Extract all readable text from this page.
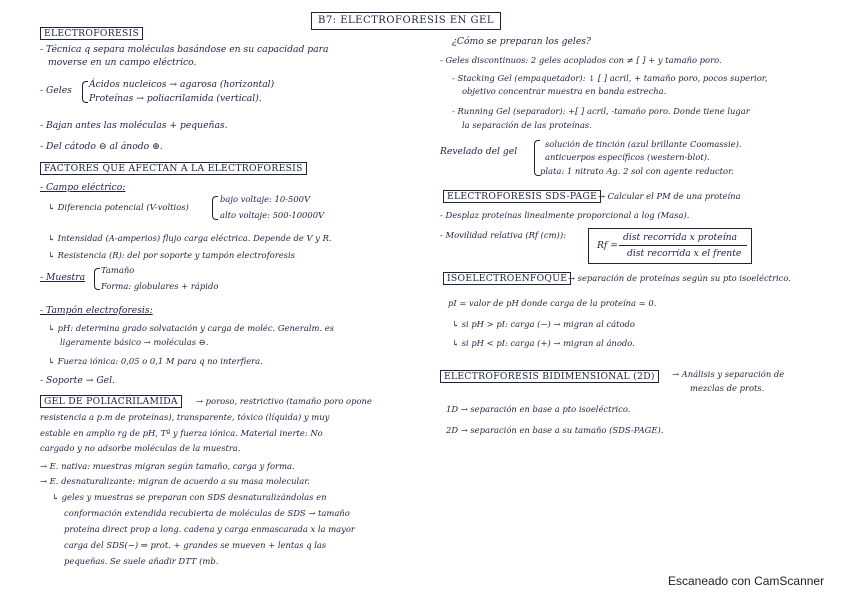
B7: ELECTROFORESIS EN GEL
ELECTROFORESIS
- Técnica q separa moléculas basándose en su capacidad para
moverse en un campo eléctrico.
- Geles
Ácidos nucleicos → agarosa (horizontal)
Proteínas → poliacrilamida (vertical).
- Bajan antes las moléculas + pequeñas.
- Del cátodo ⊖ al ánodo ⊕.
FACTORES QUE AFECTAN A LA ELECTROFORESIS
- Campo eléctrico:
↳ Diferencia potencial (V-voltios)
bajo voltaje: 10-500V
alto voltaje: 500-10000V
↳ Intensidad (A-amperios) flujo carga eléctrica. Depende de V y R.
↳ Resistencia (R): del por soporte y tampón electroforesis
- Muestra
Tamaño
Forma: globulares + rápido
- Tampón electroforesis:
↳ pH: determina grado solvatación y carga de moléc. Generalm. es
ligeramente básico → moléculas ⊖.
↳ Fuerza iónica: 0,05 o 0,1 M para q no interfiera.
- Soporte → Gel.
GEL DE POLIACRILAMIDA	→ poroso, restrictivo (tamaño poro opone
resistencia a p.m de proteínas), transparente, tóxico (líquida) y muy
estable en amplio rg de pH, Tª y fuerza iónica. Material inerte: No
cargado y no adsorbe moléculas de la muestra.
→ E. nativa: muestras migran según tamaño, carga y forma.
→ E. desnaturalizante: migran de acuerdo a su masa molecular.
↳ geles y muestras se preparan con SDS desnaturalizándolas en
conformación extendida recubierta de moléculas de SDS → tamaño
proteína direct prop a long. cadena y carga enmascarada x la mayor
carga del SDS(−) ⇒ prot. + grandes se mueven + lentas q las
pequeñas. Se suele añadir DTT (mb.
¿Cómo se preparan los geles?
- Geles discontinuos: 2 geles acoplados con ≠ [ ] + y tamaño poro.
- Stacking Gel (empaquetador): ↓ [ ] acril, + tamaño poro, pocos superior,
objetivo concentrar muestra en banda estrecha.
- Running Gel (separador): +[ ] acril, -tamaño poro. Donde tiene lugar
la separación de las proteínas.
Revelado del gel
solución de tinción (azul brillante Coomassie).
anticuerpos específicos (western-blot).
plata: 1 nitrato Ag. 2 sol con agente reductor.
ELECTROFORESIS SDS-PAGE → Calcular el PM de una proteína
- Desplaz proteínas linealmente proporcional a log (Masa).
- Movilidad relativa (Rf (cm)):
Rf =
dist recorrida x proteína
dist recorrida x el frente
ISOELECTROENFOQUE → separación de proteínas según su pto isoeléctrico.
pI = valor de pH donde carga de la proteína = 0.
↳ si pH > pI: carga (−) → migran al cátodo
↳ si pH < pI: carga (+) → migran al ánodo.
ELECTROFORESIS BIDIMENSIONAL (2D)	→ Análisis y separación de
mezclas de prots.
1D → separación en base a pto isoeléctrico.
2D → separación en base a su tamaño (SDS-PAGE).
Escaneado con CamScanner
